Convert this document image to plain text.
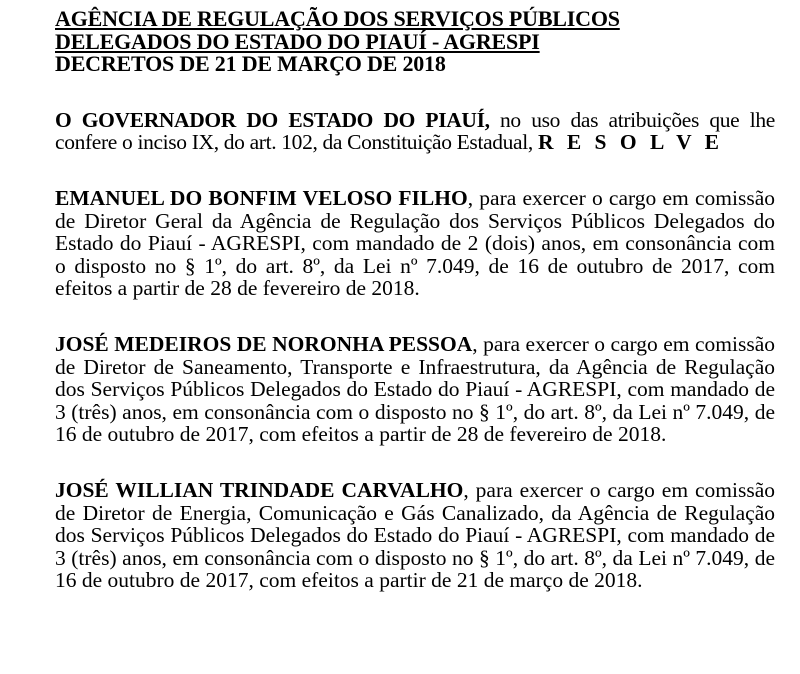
AGÊNCIA DE REGULAÇÃO DOS SERVIÇOS PÚBLICOS
DELEGADOS DO ESTADO DO PIAUÍ - AGRESPI
DECRETOS DE 21 DE MARÇO DE 2018

O GOVERNADOR DO ESTADO DO PIAUÍ, no uso das atribuições que lhe confere o inciso IX, do art. 102, da Constituição Estadual, R E S O L V E

EMANUEL DO BONFIM VELOSO FILHO, para exercer o cargo em comissão de Diretor Geral da Agência de Regulação dos Serviços Públicos Delegados do Estado do Piauí - AGRESPI, com mandado de 2 (dois) anos, em consonância com o disposto no § 1º, do art. 8º, da Lei nº 7.049, de 16 de outubro de 2017, com efeitos a partir de 28 de fevereiro de 2018.

JOSÉ MEDEIROS DE NORONHA PESSOA, para exercer o cargo em comissão de Diretor de Saneamento, Transporte e Infraestrutura, da Agência de Regulação dos Serviços Públicos Delegados do Estado do Piauí - AGRESPI, com mandado de 3 (três) anos, em consonância com o disposto no § 1º, do art. 8º, da Lei nº 7.049, de 16 de outubro de 2017, com efeitos a partir de 28 de fevereiro de 2018.

JOSÉ WILLIAN TRINDADE CARVALHO, para exercer o cargo em comissão de Diretor de Energia, Comunicação e Gás Canalizado, da Agência de Regulação dos Serviços Públicos Delegados do Estado do Piauí - AGRESPI, com mandado de 3 (três) anos, em consonância com o disposto no § 1º, do art. 8º, da Lei nº 7.049, de 16 de outubro de 2017, com efeitos a partir de 21 de março de 2018.
